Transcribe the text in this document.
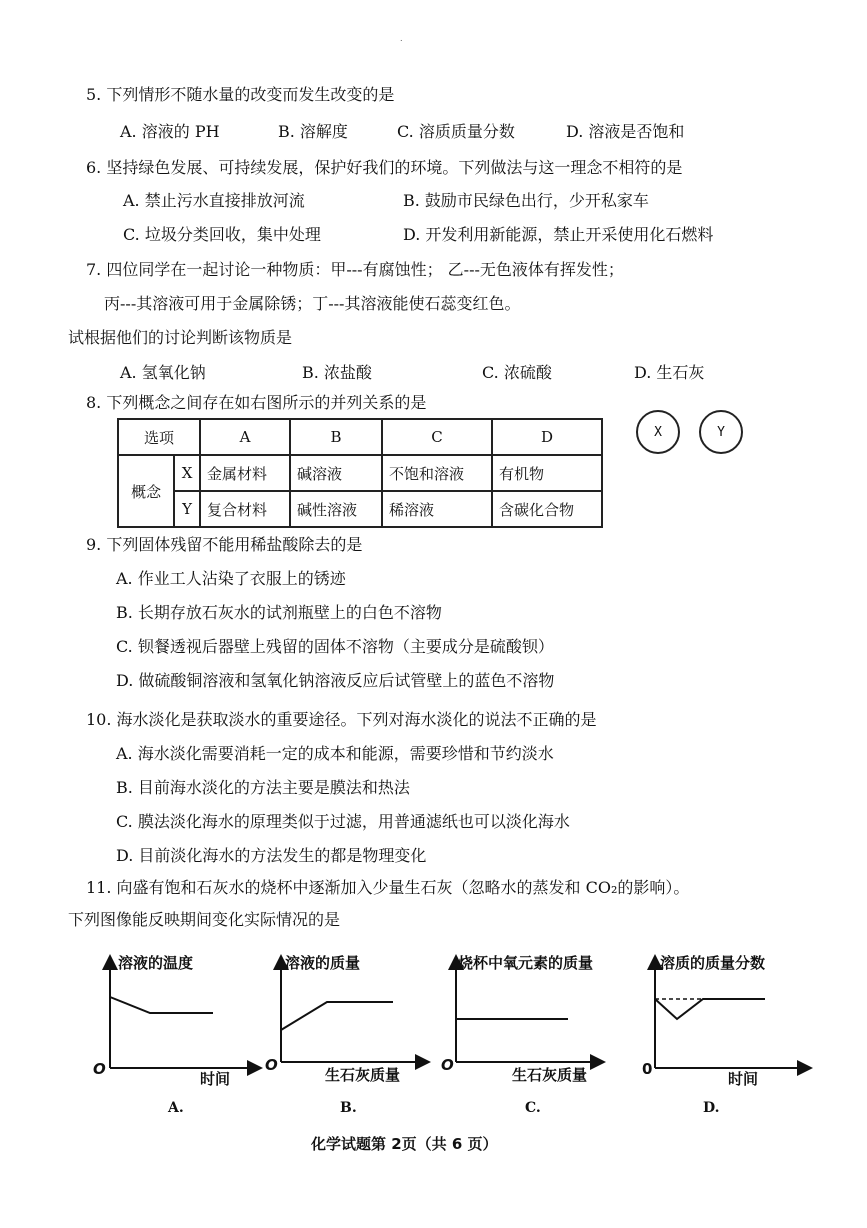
.
5. 下列情形不随水量的改变而发生改变的是
A. 溶液的 PH	B. 溶解度	C. 溶质质量分数	D. 溶液是否饱和
6. 坚持绿色发展、可持续发展，保护好我们的环境。下列做法与这一理念不相符的是
A. 禁止污水直接排放河流	B. 鼓励市民绿色出行，少开私家车
C. 垃圾分类回收，集中处理	D. 开发利用新能源，禁止开采使用化石燃料
7. 四位同学在一起讨论一种物质：甲---有腐蚀性； 乙---无色液体有挥发性；
丙---其溶液可用于金属除锈；丁---其溶液能使石蕊变红色。
试根据他们的讨论判断该物质是
A. 氢氧化钠	B. 浓盐酸	C. 浓硫酸	D. 生石灰
8. 下列概念之间存在如右图所示的并列关系的是
选项		A	B	C	D
概念	X	金属材料	碱溶液	不饱和溶液	有机物
	Y	复合材料	碱性溶液	稀溶液	含碳化合物
X	Y
9. 下列固体残留不能用稀盐酸除去的是
A. 作业工人沾染了衣服上的锈迹
B. 长期存放石灰水的试剂瓶壁上的白色不溶物
C. 钡餐透视后器壁上残留的固体不溶物（主要成分是硫酸钡）
D. 做硫酸铜溶液和氢氧化钠溶液反应后试管壁上的蓝色不溶物
10. 海水淡化是获取淡水的重要途径。下列对海水淡化的说法不正确的是
A. 海水淡化需要消耗一定的成本和能源，需要珍惜和节约淡水
B. 目前海水淡化的方法主要是膜法和热法
C. 膜法淡化海水的原理类似于过滤，用普通滤纸也可以淡化海水
D. 目前淡化海水的方法发生的都是物理变化
11. 向盛有饱和石灰水的烧杯中逐渐加入少量生石灰（忽略水的蒸发和 CO₂的影响）。
下列图像能反映期间变化实际情况的是
溶液的温度
时间
O
A.
溶液的质量
生石灰质量
O
B.
烧杯中氧元素的质量
生石灰质量
O
C.
溶质的质量分数
时间
0
D.
化学试题第 2页（共 6 页）
